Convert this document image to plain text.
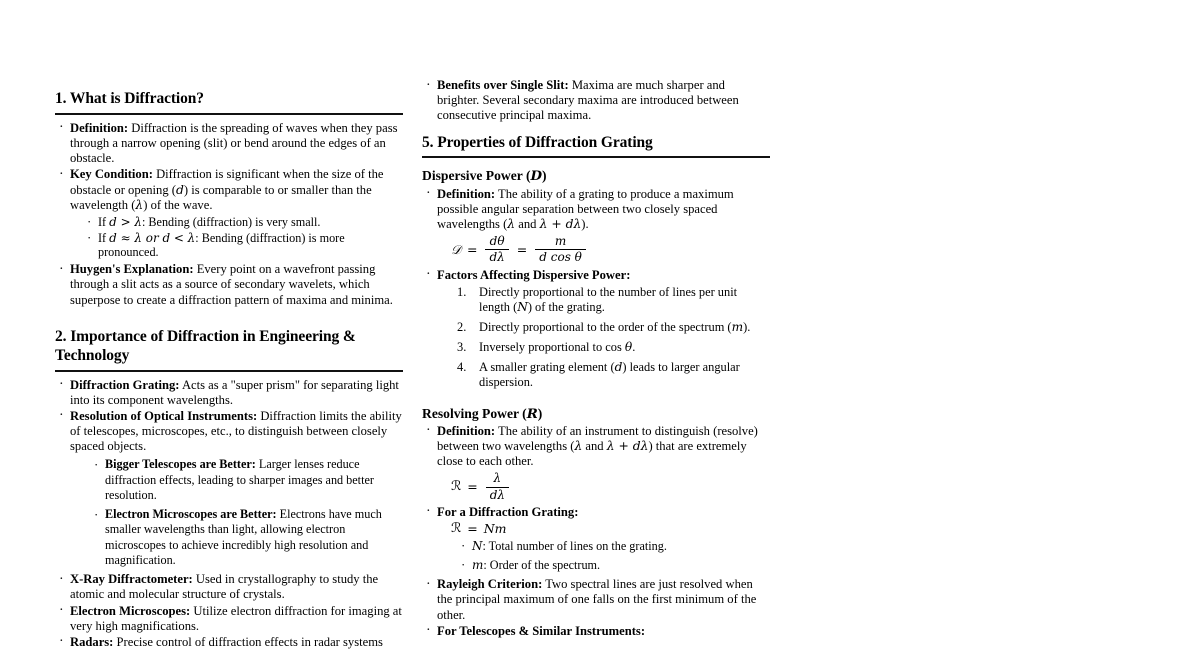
1. What is Diffraction?
· Definition: Diffraction is the spreading of waves when they pass through a narrow opening (slit) or bend around the edges of an obstacle.
· Key Condition: Diffraction is significant when the size of the obstacle or opening (d) is comparable to or smaller than the wavelength (λ) of the wave.
· If d > λ: Bending (diffraction) is very small.
· If d ≈ λ or d < λ: Bending (diffraction) is more pronounced.
· Huygen's Explanation: Every point on a wavefront passing through a slit acts as a source of secondary wavelets, which superpose to create a diffraction pattern of maxima and minima.
2. Importance of Diffraction in Engineering & Technology
· Diffraction Grating: Acts as a "super prism" for separating light into its component wavelengths.
· Resolution of Optical Instruments: Diffraction limits the ability of telescopes, microscopes, etc., to distinguish between closely spaced objects.
· Bigger Telescopes are Better: Larger lenses reduce diffraction effects, leading to sharper images and better resolution.
· Electron Microscopes are Better: Electrons have much smaller wavelengths than light, allowing electron microscopes to achieve incredibly high resolution and magnification.
· X-Ray Diffractometer: Used in crystallography to study the atomic and molecular structure of crystals.
· Electron Microscopes: Utilize electron diffraction for imaging at very high magnifications.
· Radars: Precise control of diffraction effects in radar systems
· Benefits over Single Slit: Maxima are much sharper and brighter. Several secondary maxima are introduced between consecutive principal maxima.
5. Properties of Diffraction Grating
Dispersive Power (D)
· Definition: The ability of a grating to produce a maximum possible angular separation between two closely spaced wavelengths (λ and λ + dλ).
𝒟 = $\frac{d\theta}{d\lambda} = \frac{m}{\text{d cos θ}}$
· Factors Affecting Dispersive Power:
Directly proportional to the number of lines per unit length (N) of the grating.
Directly proportional to the order of the spectrum (m).
Inversely proportional to cos θ.
A smaller grating element (d) leads to larger angular dispersion.
Resolving Power (R)
· Definition: The ability of an instrument to distinguish (resolve) between two wavelengths (λ and λ + dλ) that are extremely close to each other.
ℛ = $\frac{\lambda}{d\lambda}$
· For a Diffraction Grating:
ℛ = Nm
· N: Total number of lines on the grating.
· m: Order of the spectrum.
· Rayleigh Criterion: Two spectral lines are just resolved when the principal maximum of one falls on the first minimum of the other.
· For Telescopes & Similar Instruments:
